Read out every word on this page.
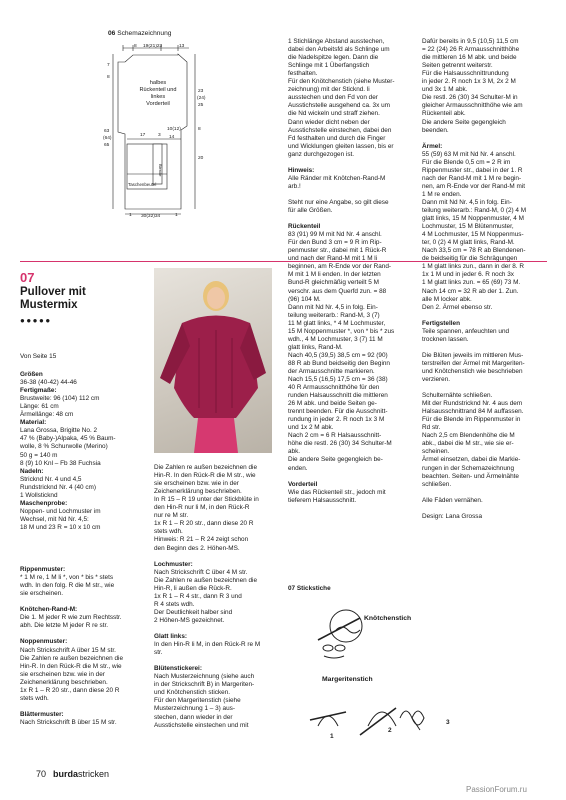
06 Schemazeichnung
8 19(21)23	13
7
8
63
(64)
65
23
(24)
25
10(12)
14
8
20
17	3
30(32)34
1	1
Taschenbeutel
Blende
halbes
Rückenteil und
linkes
Vorderteil
07
Pullover mit
Mustermix
●●●●●

Von Seite 15

Größen
36-38 (40-42) 44-46
Fertigmaße:
Brustweite: 96 (104) 112 cm
Länge: 61 cm
Ärmellänge: 48 cm
Material:
Lana Grossa, Brigitte No. 2
47 % (Baby-)Alpaka, 45 % Baum-
wolle, 8 % Schurwolle (Merino)
50 g = 140 m
8 (9) 10 Knl – Fb 38 Fuchsia
Nadeln:
Stricknd Nr. 4 und 4,5
Rundstricknd Nr. 4 (40 cm)
1 Wollsticknd
Maschenprobe:
Noppen- und Lochmuster im
Wechsel, mit Nd Nr. 4,5:
18 M und 23 R = 10 x 10 cm

Rippenmuster:
* 1 M re, 1 M li *, von * bis * stets
wdh. In den folg. R die M str., wie
sie erscheinen.

Knötchen-Rand-M:
Die 1. M jeder R wie zum Rechtsstr.
abh. Die letzte M jeder R re str.

Noppenmuster:
Nach Strickschrift A über 15 M str.
Die Zahlen re außen bezeichnen die
Hin-R. In den Rück-R die M str., wie
sie erscheinen bzw. wie in der
Zeichenerklärung beschrieben.
1x R 1 – R 20 str., dann diese 20 R
stets wdh.

Blättermuster:
Nach Strickschrift B über 15 M str.

Die Zahlen re außen bezeichnen die
Hin-R. In den Rück-R die M str., wie
sie erscheinen bzw. wie in der
Zeichenerklärung beschrieben.
In R 15 – R 19 unter der Stickblüte in
den Hin-R nur li M, in den Rück-R
nur re M str.
1x R 1 – R 20 str., dann diese 20 R
stets wdh.
Hinweis: R 21 – R 24 zeigt schon
den Beginn des 2. Höhen-MS.

Lochmuster:
Nach Strickschrift C über 4 M str.
Die Zahlen re außen bezeichnen die
Hin-R, li außen die Rück-R.
1x R 1 – R 4 str., dann R 3 und
R 4 stets wdh.
Der Deutlichkeit halber sind
2 Höhen-MS gezeichnet.

Glatt links:
In den Hin-R li M, in den Rück-R re M
str.

Blütenstickerei:
Nach Musterzeichnung (siehe auch
in der Strickschrift B) in Margeriten-
und Knötchenstich sticken.
Für den Margeritenstich (siehe
Musterzeichnung 1 – 3) aus-
stechen, dann wieder in der
Ausstichstelle einstechen und mit

1 Stichlänge Abstand ausstechen,
dabei den Arbeitsfd als Schlinge um
die Nadelspitze legen. Dann die
Schlinge mit 1 Überfangstich
festhalten.
Für den Knötchenstich (siehe Muster-
zeichnung) mit der Sticknd. li
ausstechen und den Fd von der
Ausstichstelle ausgehend ca. 3x um
die Nd wickeln und straff ziehen.
Dann wieder dicht neben der
Ausstichstelle einstechen, dabei den
Fd festhalten und durch die Finger
und Wicklungen gleiten lassen, bis er
ganz durchgezogen ist.

Hinweis:
Alle Ränder mit Knötchen-Rand-M
arb.!

Steht nur eine Angabe, so gilt diese
für alle Größen.

Rückenteil
83 (91) 99 M mit Nd Nr. 4 anschl.
Für den Bund 3 cm = 9 R im Rip-
penmuster str., dabei mit 1 Rück-R
und nach der Rand-M mit 1 M li
beginnen, am R-Ende vor der Rand-
M mit 1 M li enden. In der letzten
Bund-R gleichmäßig verteilt 5 M
verschr. aus dem Querfd zun. = 88
(96) 104 M.
Dann mit Nd Nr. 4,5 in folg. Ein-
teilung weiterarb.: Rand-M, 3 (7)
11 M glatt links, * 4 M Lochmuster,
15 M Noppenmuster *, von * bis * zus
wdh., 4 M Lochmuster, 3 (7) 11 M
glatt links, Rand-M.
Nach 40,5 (39,5) 38,5 cm = 92 (90)
88 R ab Bund beidseitig den Beginn
der Armausschnitte markieren.
Nach 15,5 (16,5) 17,5 cm = 36 (38)
40 R Armausschnitthöhe für den
runden Halsausschnitt die mittleren
26 M abk. und beide Seiten ge-
trennt beenden. Für die Ausschnitt-
rundung in jeder 2. R noch 1x 3 M
und 1x 2 M abk.
Nach 2 cm = 6 R Halsausschnitt-
höhe die restl. 26 (30) 34 Schulter-M
abk.
Die andere Seite gegengleich be-
enden.

Vorderteil
Wie das Rückenteil str., jedoch mit
tieferem Halsausschnitt.

07 Stickstiche
Knötchenstich
Margeritenstich
1
2
3

Dafür bereits in 9,5 (10,5) 11,5 cm
= 22 (24) 26 R Armausschnitthöhe
die mittleren 16 M abk. und beide
Seiten getrennt weiterstr.
Für die Halsausschnittrundung
in jeder 2. R noch 1x 3 M, 2x 2 M
und 3x 1 M abk.
Die restl. 26 (30) 34 Schulter-M in
gleicher Armausschnitthöhe wie am
Rückenteil abk.
Die andere Seite gegengleich
beenden.

Ärmel:
55 (59) 63 M mit Nd Nr. 4 anschl.
Für die Blende 0,5 cm = 2 R im
Rippenmuster str., dabei in der 1. R
nach der Rand-M mit 1 M re begin-
nen, am R-Ende vor der Rand-M mit
1 M re enden.
Dann mit Nd Nr. 4,5 in folg. Ein-
teilung weiterarb.: Rand-M, 0 (2) 4 M
glatt links, 15 M Noppenmuster, 4 M
Lochmuster, 15 M Blütenmuster,
4 M Lochmuster, 15 M Noppenmus-
ter, 0 (2) 4 M glatt links, Rand-M.
Nach 33,5 cm = 78 R ab Blendenen-
de beidseitig für die Schrägungen
1 M glatt links zun., dann in der 8. R
1x 1 M und in jeder 6. R noch 3x
1 M glatt links zun. = 65 (69) 73 M.
Nach 14 cm = 32 R ab der 1. Zun.
alle M locker abk.
Den 2. Ärmel ebenso str.

Fertigstellen
Teile spannen, anfeuchten und
trocknen lassen.

Die Blüten jeweils im mittleren Mus-
terstreifen der Ärmel mit Margeriten-
und Knötchenstich wie beschrieben
verzieren.

Schulternähte schließen.
Mit der Rundstricknd Nr. 4 aus dem
Halsausschnittrand 84 M auffassen.
Für die Blende im Rippenmuster in
Rd str.
Nach 2,5 cm Blendenhöhe die M
abk., dabei die M str., wie sie er-
scheinen.
Ärmel einsetzen, dabei die Markie-
rungen in der Schemazeichnung
beachten. Seiten- und Ärmelnähte
schließen.

Alle Fäden vernähen.

Design: Lana Grossa

70 burdastricken
PassionForum.ru
